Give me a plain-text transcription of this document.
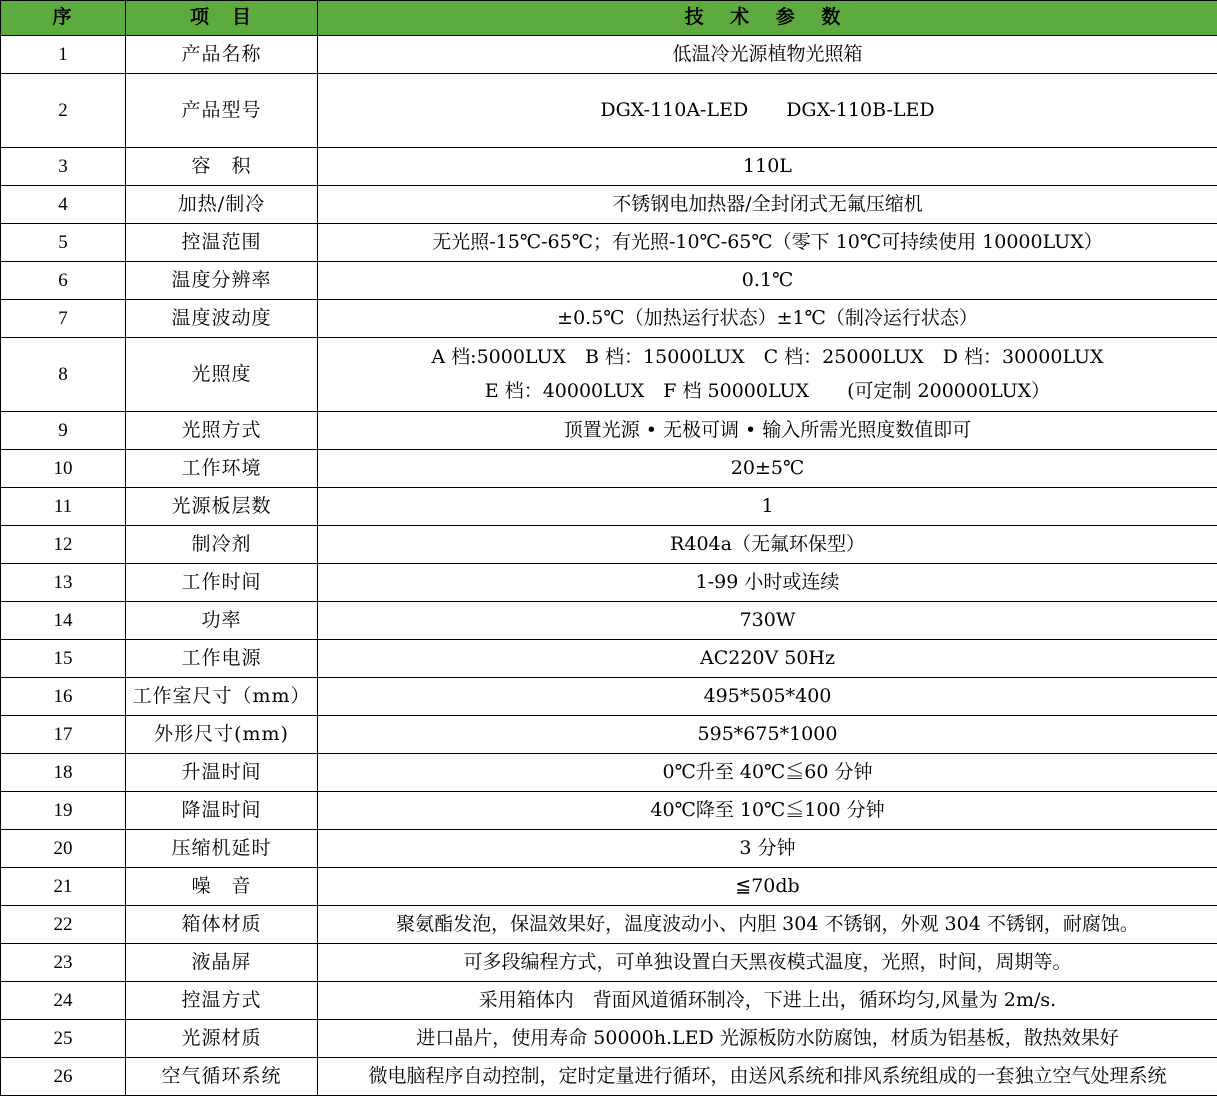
序	项　目	技 术 参 数
1	产品名称	低温冷光源植物光照箱
2	产品型号	DGX-110A-LED　　DGX-110B-LED
3	容　积	110L
4	加热/制冷	不锈钢电加热器/全封闭式无氟压缩机
5	控温范围	无光照-15℃-65℃；有光照-10℃-65℃（零下 10℃可持续使用 10000LUX）
6	温度分辨率	0.1℃
7	温度波动度	±0.5℃（加热运行状态）±1℃（制冷运行状态）
8	光照度	A 档:5000LUX　B 档：15000LUX　C 档：25000LUX　D 档：30000LUX
E 档：40000LUX　F 档 50000LUX　　(可定制 200000LUX）

9	光照方式	顶置光源 • 无极可调 • 输入所需光照度数值即可
10	工作环境	20±5℃
11	光源板层数	1
12	制冷剂	R404a（无氟环保型）
13	工作时间	1-99 小时或连续
14	功率	730W
15	工作电源	AC220V 50Hz
16	工作室尺寸（mm）	495*505*400
17	外形尺寸(mm)	595*675*1000
18	升温时间	0℃升至 40℃≦60 分钟
19	降温时间	40℃降至 10℃≦100 分钟
20	压缩机延时	3 分钟
21	噪　音	≦70db
22	箱体材质	聚氨酯发泡，保温效果好，温度波动小、内胆 304 不锈钢，外观 304 不锈钢，耐腐蚀。
23	液晶屏	可多段编程方式，可单独设置白天黑夜模式温度，光照，时间，周期等。
24	控温方式	采用箱体内　背面风道循环制冷，下进上出，循环均匀,风量为 2m/s.
25	光源材质	进口晶片，使用寿命 50000h.LED 光源板防水防腐蚀，材质为铝基板，散热效果好
26	空气循环系统	微电脑程序自动控制，定时定量进行循环，由送风系统和排风系统组成的一套独立空气处理系统
